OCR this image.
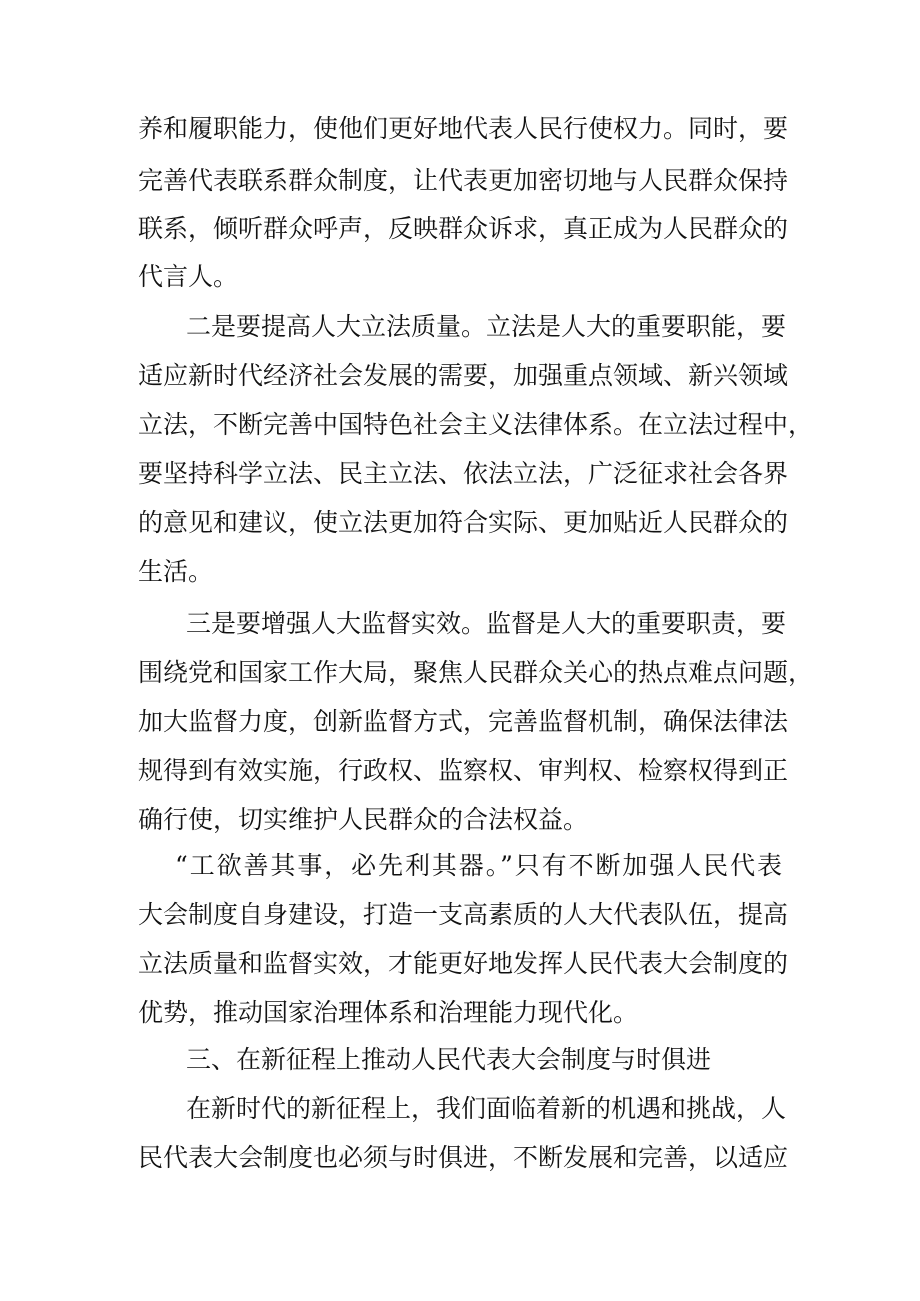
养和履职能力，使他们更好地代表人民行使权力。同时，要
完善代表联系群众制度，让代表更加密切地与人民群众保持
联系，倾听群众呼声，反映群众诉求，真正成为人民群众的
代言人。
二是要提高人大立法质量。立法是人大的重要职能，要
适应新时代经济社会发展的需要，加强重点领域、新兴领域
立法，不断完善中国特色社会主义法律体系。在立法过程中，
要坚持科学立法、民主立法、依法立法，广泛征求社会各界
的意见和建议，使立法更加符合实际、更加贴近人民群众的
生活。
三是要增强人大监督实效。监督是人大的重要职责，要
围绕党和国家工作大局，聚焦人民群众关心的热点难点问题，
加大监督力度，创新监督方式，完善监督机制，确保法律法
规得到有效实施，行政权、监察权、审判权、检察权得到正
确行使，切实维护人民群众的合法权益。
“工欲善其事，必先利其器。”只有不断加强人民代表
大会制度自身建设，打造一支高素质的人大代表队伍，提高
立法质量和监督实效，才能更好地发挥人民代表大会制度的
优势，推动国家治理体系和治理能力现代化。
三、在新征程上推动人民代表大会制度与时俱进
在新时代的新征程上，我们面临着新的机遇和挑战，人
民代表大会制度也必须与时俱进，不断发展和完善，以适应
